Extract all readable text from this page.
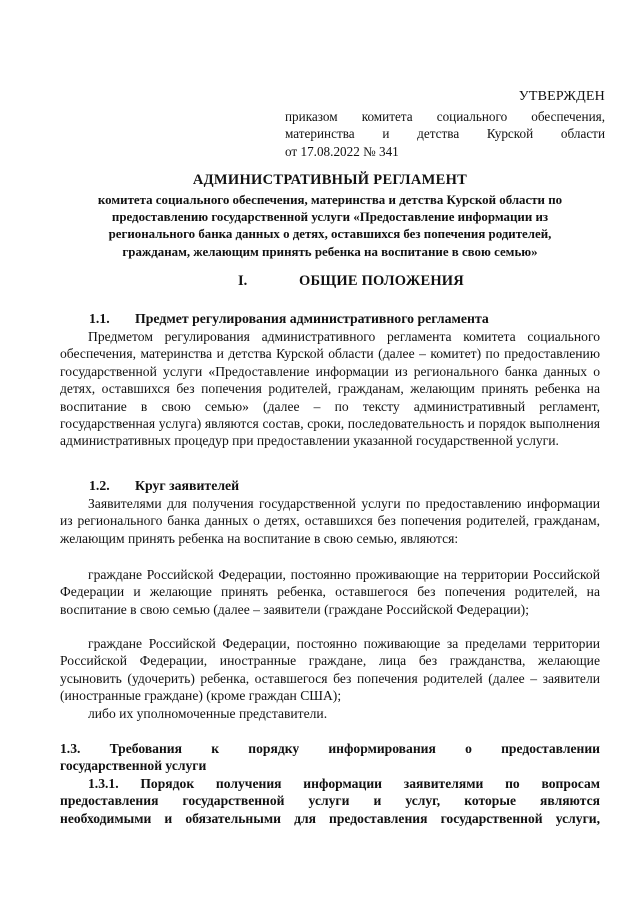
УТВЕРЖДЕН
приказом комитета социального обеспечения,
материнства и детства Курской области
от 17.08.2022 № 341
АДМИНИСТРАТИВНЫЙ РЕГЛАМЕНТ
комитета социального обеспечения, материнства и детства Курской области по
предоставлению государственной услуги «Предоставление информации из
регионального банка данных о детях, оставшихся без попечения родителей,
гражданам, желающим принять ребенка на воспитание в свою семью»
I.	ОБЩИЕ ПОЛОЖЕНИЯ
1.1. Предмет регулирования административного регламента
Предметом регулирования административного регламента комитета социального обеспечения, материнства и детства Курской области (далее – комитет) по предоставлению государственной услуги «Предоставление информации из регионального банка данных о детях, оставшихся без попечения родителей, гражданам, желающим принять ребенка на воспитание в свою семью» (далее – по тексту административный регламент, государственная услуга) являются состав, сроки, последовательность и порядок выполнения административных процедур при предоставлении указанной государственной услуги.
1.2. Круг заявителей
Заявителями для получения государственной услуги по предоставлению информации из регионального банка данных о детях, оставшихся без попечения родителей, гражданам, желающим принять ребенка на воспитание в свою семью, являются:
граждане Российской Федерации, постоянно проживающие на территории Российской Федерации и желающие принять ребенка, оставшегося без попечения родителей, на воспитание в свою семью (далее – заявители (граждане Российской Федерации);
граждане Российской Федерации, постоянно поживающие за пределами территории Российской Федерации, иностранные граждане, лица без гражданства, желающие усыновить (удочерить) ребенка, оставшегося без попечения родителей (далее – заявители (иностранные граждане) (кроме граждан США);
либо их уполномоченные представители.
1.3. Требования к порядку информирования о предоставлении
государственной услуги
1.3.1. Порядок получения информации заявителями по вопросам
предоставления государственной услуги и услуг, которые являются
необходимыми и обязательными для предоставления государственной услуги,
